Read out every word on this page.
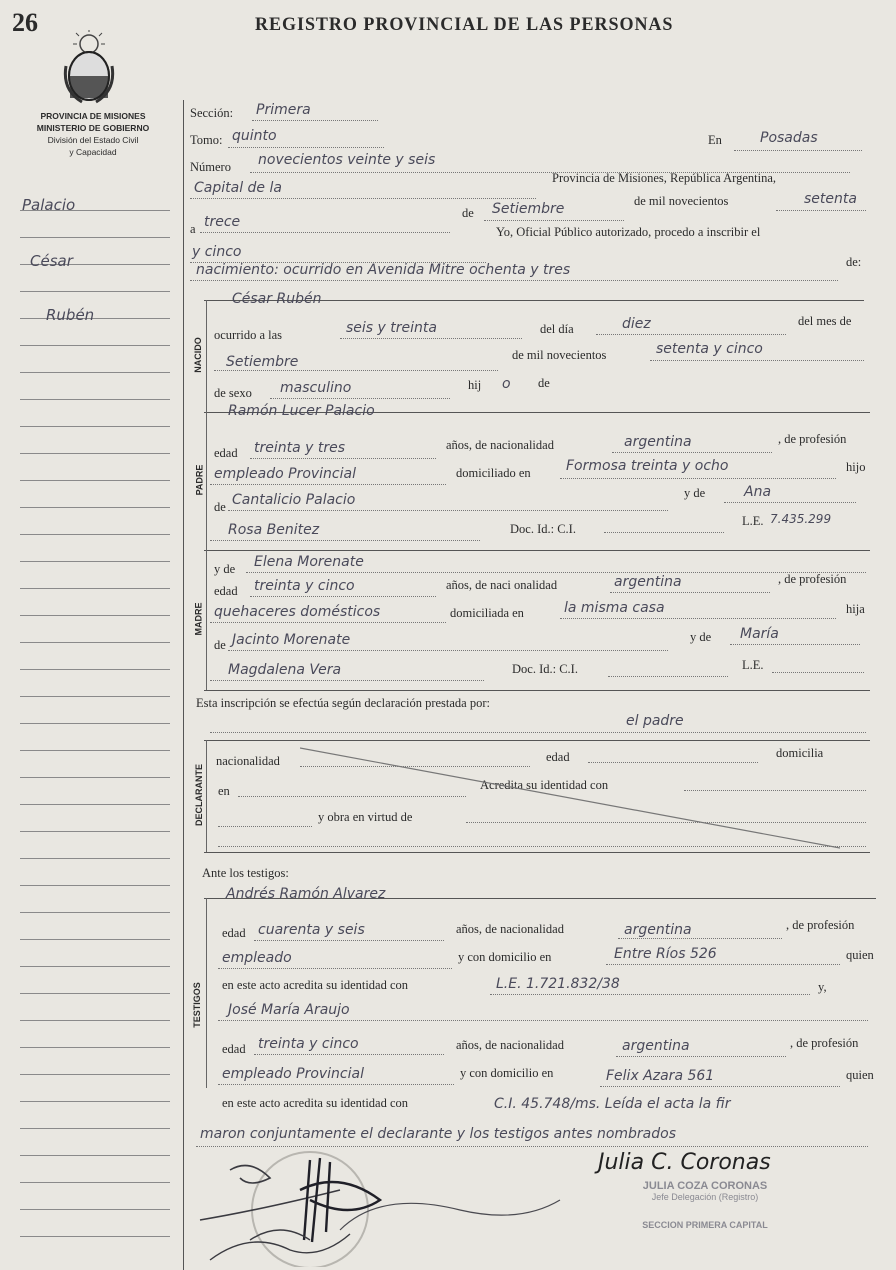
26	REGISTRO PROVINCIAL DE LAS PERSONAS
PROVINCIA DE MISIONES
MINISTERIO DE GOBIERNO
División del Estado Civil
y Capacidad
Palacio
César
Rubén
NACIDO
PADRE
MADRE
DECLARANTE
TESTIGOS
Sección: Primera
Tomo: quinto	En	Posadas
Número novecientos veinte y seis
Capital de la
Provincia de Misiones, República Argentina,
de mil novecientos	setenta
a trece
de Setiembre
y cinco
Yo, Oficial Público autorizado, procedo a inscribir el
nacimiento: ocurrido en Avenida Mitre ochenta y tres	de:
César Rubén
ocurrido a las	seis y treinta	del día	diez	del mes de
Setiembre	de mil novecientos	setenta y cinco
de sexo masculino	hij o de
Ramón Lucer Palacio
edad treinta y tres	años, de nacionalidad	argentina	, de profesión
empleado Provincial	domiciliado en	Formosa treinta y ocho	hijo
de Cantalicio Palacio	y de	Ana
Rosa Benitez	Doc. Id.: C.I.
L.E. 7.435.299
y de Elena Morenate
edad treinta y cinco	años, de naci onalidad	argentina	, de profesión
quehaceres domésticos	domiciliada en	la misma casa	hija
de Jacinto Morenate	y de María
Magdalena Vera	Doc. Id.: C.I.	L.E.
Esta inscripción se efectúa según declaración prestada por:
el padre
nacionalidad	edad	domicilia
en	Acredita su identidad con
y obra en virtud de
Ante los testigos:
Andrés Ramón Alvarez
edad cuarenta y seis	años, de nacionalidad	argentina	, de profesión
empleado	y con domicilio en	Entre Ríos 526	quien
en este acto acredita su identidad con	L.E. 1.721.832/38	y,
José María Araujo
edad treinta y cinco	años, de nacionalidad	argentina	, de profesión
empleado Provincial	y con domicilio en	Felix Azara 561	quien
en este acto acredita su identidad con	C.I. 45.748/ms. Leída el acta la fir
maron conjuntamente el declarante y los testigos antes nombrados
Julia C. Coronas
JULIA COZA CORONAS
Jefe Delegación (Registro)
SECCION PRIMERA CAPITAL
